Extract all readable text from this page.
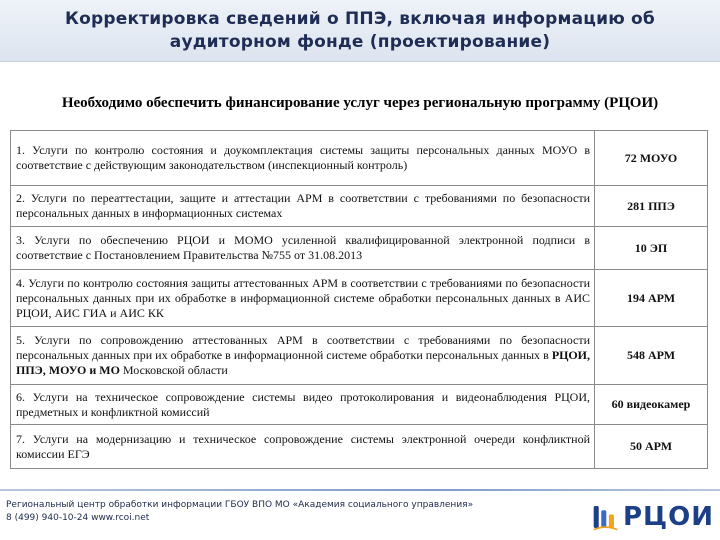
Корректировка сведений о ППЭ, включая информацию об
аудиторном фонде (проектирование)
Необходимо обеспечить финансирование услуг через региональную программу (РЦОИ)
1. Услуги по контролю состояния и доукомплектация системы защиты персональных данных МОУО в соответствие с действующим законодательством (инспекционный контроль)	72 МОУО
2. Услуги по переаттестации, защите и аттестации АРМ в соответствии с требованиями по безопасности персональных данных в информационных системах	281 ППЭ
3. Услуги по обеспечению РЦОИ и МОМО усиленной квалифицированной электронной подписи в соответствие с Постановлением Правительства №755 от 31.08.2013	10 ЭП
4. Услуги по контролю состояния защиты аттестованных АРМ в соответствии с требованиями по безопасности персональных данных при их обработке в информационной системе обработки персональных данных в АИС РЦОИ, АИС ГИА и АИС КК	194 АРМ
5. Услуги по сопровождению аттестованных АРМ в соответствии с требованиями по безопасности персональных данных при их обработке в информационной системе обработки персональных данных в РЦОИ, ППЭ, МОУО и МО Московской области	548 АРМ
6. Услуги на техническое сопровождение системы видео протоколирования и видеонаблюдения РЦОИ, предметных и конфликтной комиссий	60 видеокамер
7. Услуги на модернизацию и техническое сопровождение системы электронной очереди конфликтной комиссии ЕГЭ	50 АРМ
Региональный центр обработки информации ГБОУ ВПО МО «Академия социального управления»
8 (499) 940-10-24 www.rcoi.net	РЦОИ
